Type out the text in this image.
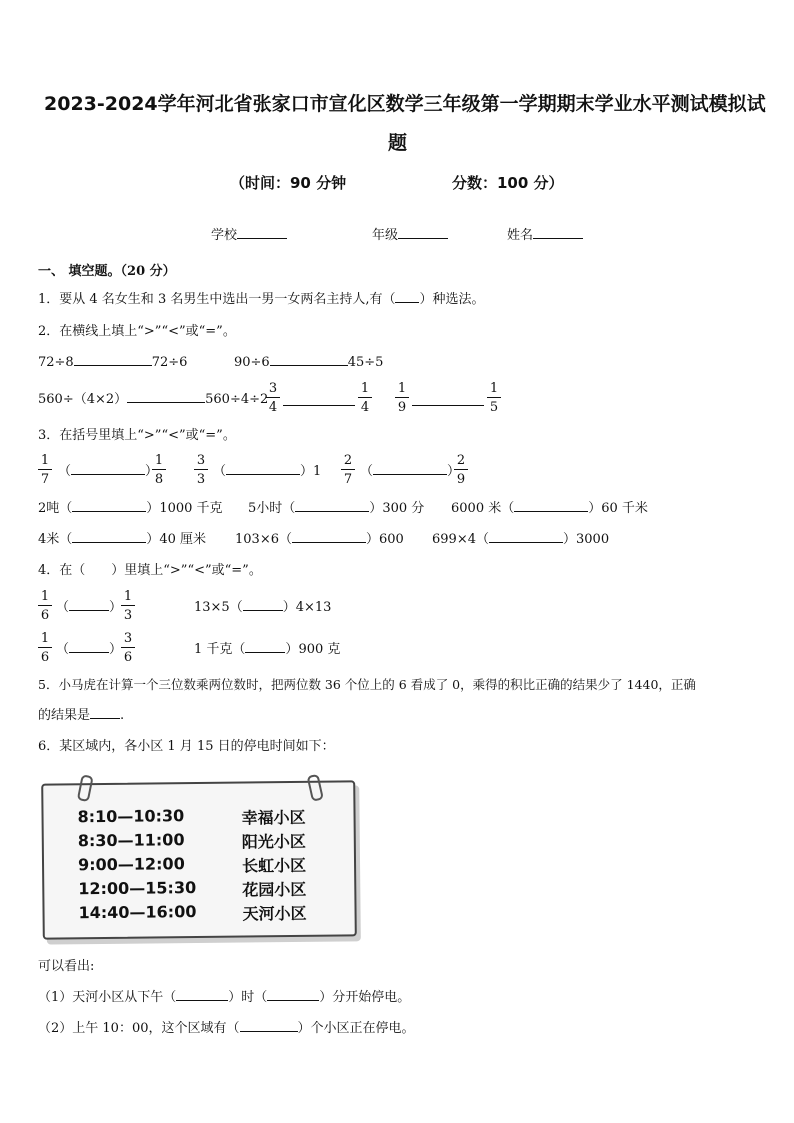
2023-2024学年河北省张家口市宣化区数学三年级第一学期期末学业水平测试模拟试
题
（时间：90 分钟	分数：100 分）
学校	年级	姓名
一、 填空题。（20 分）
1．要从 4 名女生和 3 名男生中选出一男一女两名主持人,有（ ）种选法。
2．在横线上填上“>”“<”或“=”。
72÷8	72÷6	90÷6	45÷5
560÷（4×2）	560÷4÷2
$\frac{3}{4}$	$\frac{1}{4} \frac{1}{9}$	$\frac{1}{5}$
3．在括号里填上“>”“<”或“=”。
$\frac{1}{7}$ （	）
$\frac{1}{8} \frac{3}{3}$ （	）$1 \frac{2}{7}$ （	）
$\frac{2}{9}$
2吨（	）1000 千克 5小时（	）300 分 6000 米（	）60 千米
4米（	）40 厘米 103×6（	）600 699×4（	）3000
4．在（　　）里填上“>”“<”或“=”。
$\frac{1}{6}$ （	）
$\frac{1}{3}$	13×5（	）4×13
$\frac{1}{6}$ （	）
$\frac{3}{6}$	1 千克（	）900 克
5．小马虎在计算一个三位数乘两位数时，把两位数 36 个位上的 6 看成了 0，乘得的积比正确的结果少了 1440，正确
的结果是 .
6．某区域内，各小区 1 月 15 日的停电时间如下：
8:10—10:30	幸福小区
8:30—11:00	阳光小区
9:00—12:00	长虹小区
12:00—15:30	花园小区
14:40—16:00	天河小区
可以看出:
（1）天河小区从下午（	）时（	）分开始停电。
（2）上午 10：00，这个区域有（	）个小区正在停电。
